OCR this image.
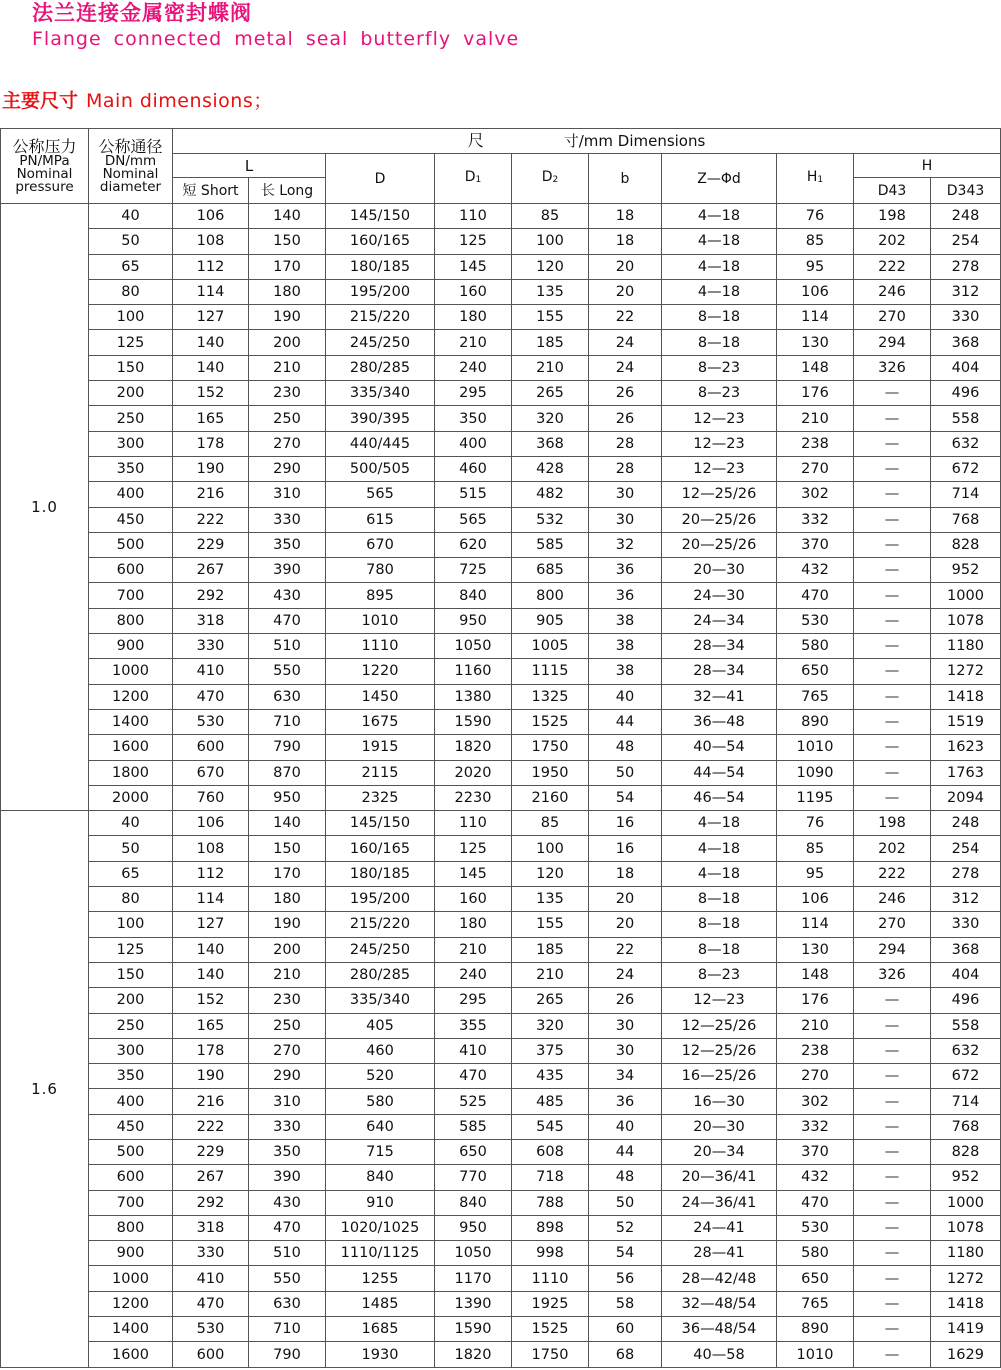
法兰连接金属密封蝶阀
Flange connected metal seal butterfly valve
主要尺寸 Main dimensions；
公称压力
PN/MPa
Nominal
pressure	公称通径
DN/mm
Nominal
diameter	尺 寸/mm Dimensions									
		L		D	D1	D2	b	Z—Φd	H1	H	
		短 Short	长 Long							D43	D343
1.0	40	106	140	145/150	110	85	18	4—18	76	198	248
	50	108	150	160/165	125	100	18	4—18	85	202	254
	65	112	170	180/185	145	120	20	4—18	95	222	278
	80	114	180	195/200	160	135	20	4—18	106	246	312
	100	127	190	215/220	180	155	22	8—18	114	270	330
	125	140	200	245/250	210	185	24	8—18	130	294	368
	150	140	210	280/285	240	210	24	8—23	148	326	404
	200	152	230	335/340	295	265	26	8—23	176	—	496
	250	165	250	390/395	350	320	26	12—23	210	—	558
	300	178	270	440/445	400	368	28	12—23	238	—	632
	350	190	290	500/505	460	428	28	12—23	270	—	672
	400	216	310	565	515	482	30	12—25/26	302	—	714
	450	222	330	615	565	532	30	20—25/26	332	—	768
	500	229	350	670	620	585	32	20—25/26	370	—	828
	600	267	390	780	725	685	36	20—30	432	—	952
	700	292	430	895	840	800	36	24—30	470	—	1000
	800	318	470	1010	950	905	38	24—34	530	—	1078
	900	330	510	1110	1050	1005	38	28—34	580	—	1180
	1000	410	550	1220	1160	1115	38	28—34	650	—	1272
	1200	470	630	1450	1380	1325	40	32—41	765	—	1418
	1400	530	710	1675	1590	1525	44	36—48	890	—	1519
	1600	600	790	1915	1820	1750	48	40—54	1010	—	1623
	1800	670	870	2115	2020	1950	50	44—54	1090	—	1763
	2000	760	950	2325	2230	2160	54	46—54	1195	—	2094
1.6	40	106	140	145/150	110	85	16	4—18	76	198	248
	50	108	150	160/165	125	100	16	4—18	85	202	254
	65	112	170	180/185	145	120	18	4—18	95	222	278
	80	114	180	195/200	160	135	20	8—18	106	246	312
	100	127	190	215/220	180	155	20	8—18	114	270	330
	125	140	200	245/250	210	185	22	8—18	130	294	368
	150	140	210	280/285	240	210	24	8—23	148	326	404
	200	152	230	335/340	295	265	26	12—23	176	—	496
	250	165	250	405	355	320	30	12—25/26	210	—	558
	300	178	270	460	410	375	30	12—25/26	238	—	632
	350	190	290	520	470	435	34	16—25/26	270	—	672
	400	216	310	580	525	485	36	16—30	302	—	714
	450	222	330	640	585	545	40	20—30	332	—	768
	500	229	350	715	650	608	44	20—34	370	—	828
	600	267	390	840	770	718	48	20—36/41	432	—	952
	700	292	430	910	840	788	50	24—36/41	470	—	1000
	800	318	470	1020/1025	950	898	52	24—41	530	—	1078
	900	330	510	1110/1125	1050	998	54	28—41	580	—	1180
	1000	410	550	1255	1170	1110	56	28—42/48	650	—	1272
	1200	470	630	1485	1390	1925	58	32—48/54	765	—	1418
	1400	530	710	1685	1590	1525	60	36—48/54	890	—	1419
	1600	600	790	1930	1820	1750	68	40—58	1010	—	1629
